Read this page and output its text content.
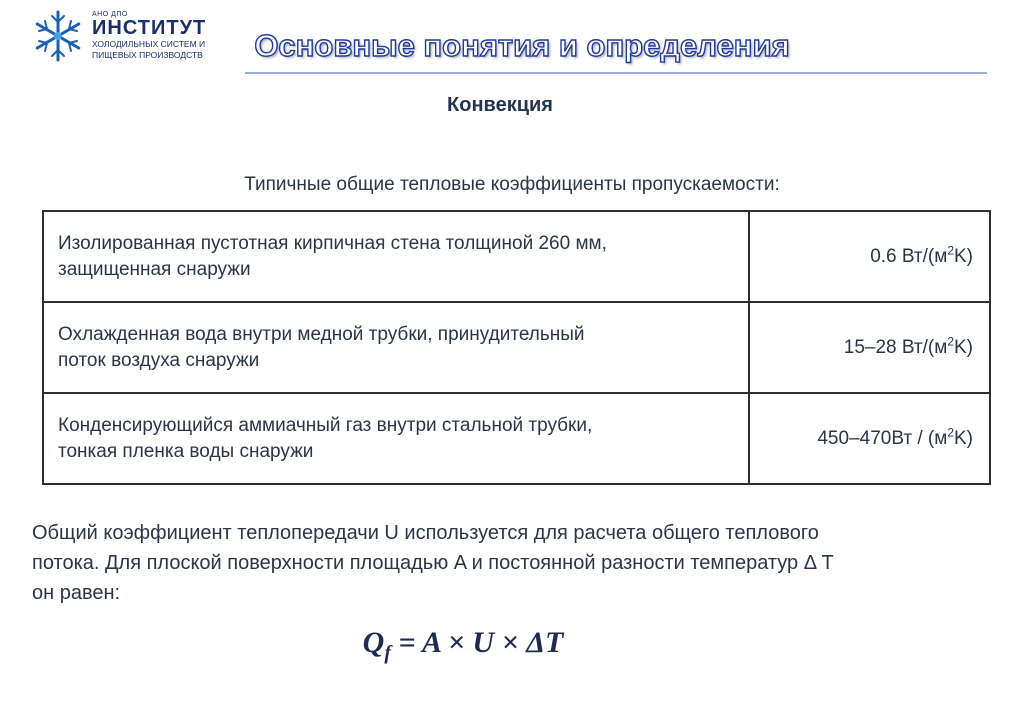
АНО ДПО
ИНСТИТУТ
ХОЛОДИЛЬНЫХ СИСТЕМ И
ПИЩЕВЫХ ПРОИЗВОДСТВ Основные понятия и определения
Конвекция
Типичные общие тепловые коэффициенты пропускаемости:
Изолированная пустотная кирпичная стена толщиной 260 мм,
защищенная снаружи	0.6 $Вт/(м^2K)$
Охлажденная вода внутри медной трубки, принудительный
поток воздуха снаружи	15–28 $Вт/(м^2K)$
Конденсирующийся аммиачный газ внутри стальной трубки,
тонкая пленка воды снаружи	$450-470Вт / (м^2K)$
Общий коэффициент теплопередачи U используется для расчета общего теплового
потока. Для плоской поверхности площадью A и постоянной разности температур Δ T
он равен:
$Q_f = A \times U \times \Delta T$
